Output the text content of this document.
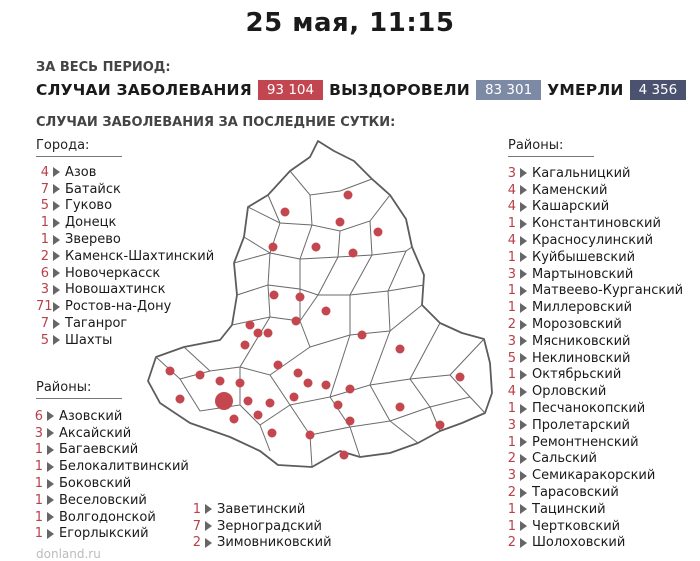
25 мая, 11:15
ЗА ВЕСЬ ПЕРИОД:
СЛУЧАИ ЗАБОЛЕВАНИЯ	93 104 ВЫЗДОРОВЕЛИ	83 301 УМЕРЛИ	4 356
СЛУЧАИ ЗАБОЛЕВАНИЯ ЗА ПОСЛЕДНИЕ СУТКИ:
Города:
4 Азов
7 Батайск
5 Гуково
1 Донецк
1 Зверево
2 Каменск-Шахтинский
6 Новочеркасск
3 Новошахтинск
71 Ростов-на-Дону
7 Таганрог
5 Шахты
Районы:
6 Азовский
3 Аксайский
1 Багаевский
1 Белокалитвинский
1 Боковский
1 Веселовский
1 Волгодонской
1 Егорлыкский
1 Заветинский
7 Зерноградский
2 Зимовниковский
Районы:
3 Кагальницкий
4 Каменский
4 Кашарский
1 Константиновский
4 Красносулинский
1 Куйбышевский
3 Мартыновский
1 Матвеево-Курганский
1 Миллеровский
2 Морозовский
3 Мясниковский
5 Неклиновский
1 Октябрьский
4 Орловский
1 Песчанокопский
3 Пролетарский
1 Ремонтненский
2 Сальский
3 Семикаракорский
2 Тарасовский
1 Тацинский
1 Чертковский
2 Шолоховский
donland.ru
